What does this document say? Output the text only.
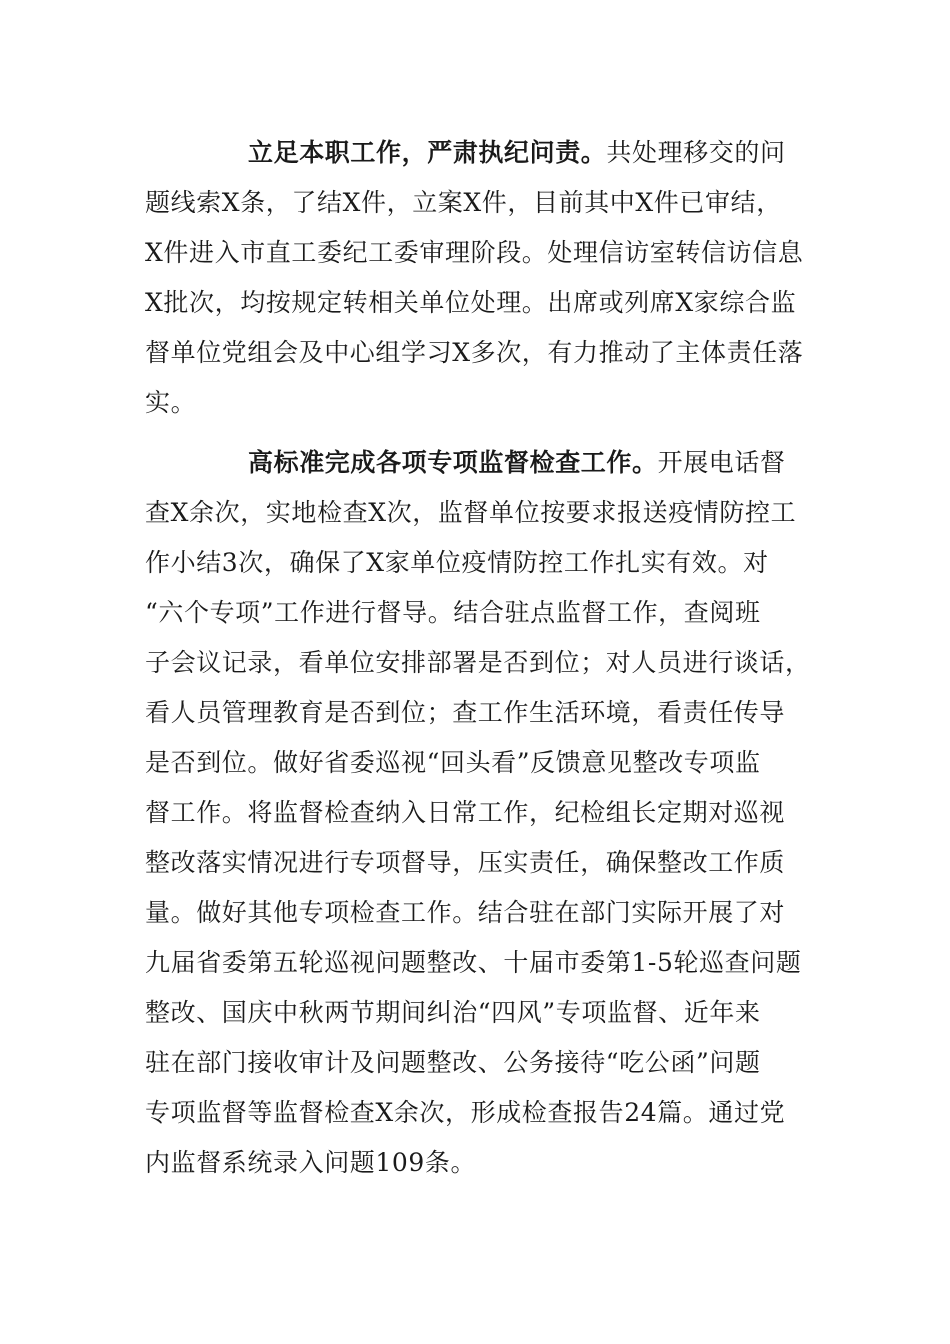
立足本职工作，严肃执纪问责。共处理移交的问
题线索X条，了结X件，立案X件，目前其中X件已审结，
X件进入市直工委纪工委审理阶段。处理信访室转信访信息
X批次，均按规定转相关单位处理。出席或列席X家综合监
督单位党组会及中心组学习X多次，有力推动了主体责任落
实。
高标准完成各项专项监督检查工作。开展电话督
查X余次，实地检查X次，监督单位按要求报送疫情防控工
作小结3次，确保了X家单位疫情防控工作扎实有效。对
“六个专项”工作进行督导。结合驻点监督工作，查阅班
子会议记录，看单位安排部署是否到位；对人员进行谈话，
看人员管理教育是否到位；查工作生活环境，看责任传导
是否到位。做好省委巡视“回头看”反馈意见整改专项监
督工作。将监督检查纳入日常工作，纪检组长定期对巡视
整改落实情况进行专项督导，压实责任，确保整改工作质
量。做好其他专项检查工作。结合驻在部门实际开展了对
九届省委第五轮巡视问题整改、十届市委第1-5轮巡查问题
整改、国庆中秋两节期间纠治“四风”专项监督、近年来
驻在部门接收审计及问题整改、公务接待“吃公函”问题
专项监督等监督检查X余次，形成检查报告24篇。通过党
内监督系统录入问题109条。
